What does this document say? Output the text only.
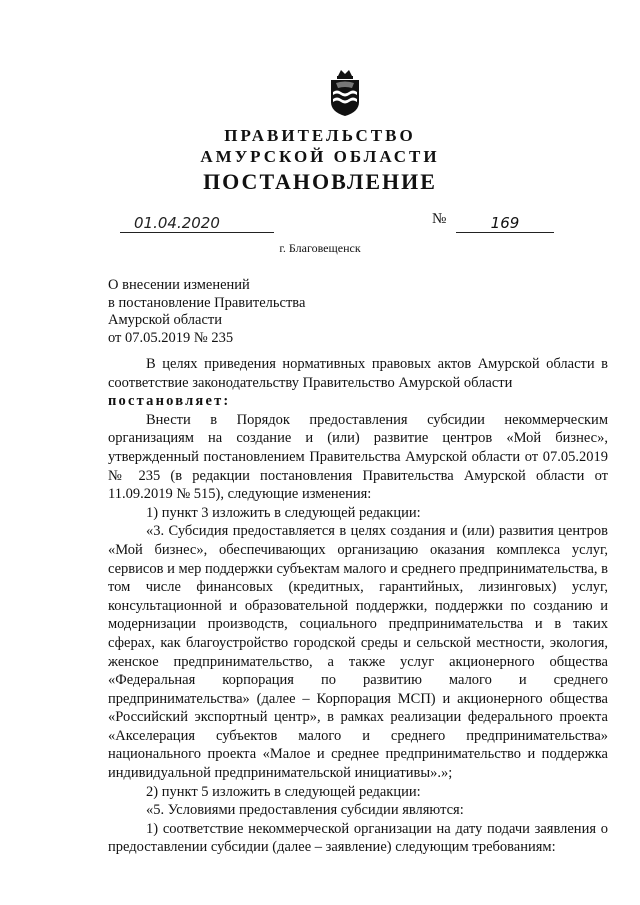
ПРАВИТЕЛЬСТВО
АМУРСКОЙ ОБЛАСТИ
ПОСТАНОВЛЕНИЕ
01.04.2020	№	169
г. Благовещенск
О внесении изменений
в постановление Правительства
Амурской области
от 07.05.2019 № 235

В целях приведения нормативных правовых актов Амурской области в соответствие законодательству Правительство Амурской области

постановляет:

Внести в Порядок предоставления субсидии некоммерческим организациям на создание и (или) развитие центров «Мой бизнес», утвержденный постановлением Правительства Амурской области от 07.05.2019 № 235 (в редакции постановления Правительства Амурской области от 11.09.2019 № 515), следующие изменения:

1) пункт 3 изложить в следующей редакции:

«3. Субсидия предоставляется в целях создания и (или) развития центров «Мой бизнес», обеспечивающих организацию оказания комплекса услуг, сервисов и мер поддержки субъектам малого и среднего предпринимательства, в том числе финансовых (кредитных, гарантийных, лизинговых) услуг, консультационной и образовательной поддержки, поддержки по созданию и модернизации производств, социального предпринимательства и в таких сферах, как благоустройство городской среды и сельской местности, экология, женское предпринимательство, а также услуг акционерного общества «Федеральная корпорация по развитию малого и среднего предпринимательства» (далее – Корпорация МСП) и акционерного общества «Российский экспортный центр», в рамках реализации федерального проекта «Акселерация субъектов малого и среднего предпринимательства» национального проекта «Малое и среднее предпринимательство и поддержка индивидуальной предпринимательской инициативы».»;

2) пункт 5 изложить в следующей редакции:

«5. Условиями предоставления субсидии являются:

1) соответствие некоммерческой организации на дату подачи заявления о предоставлении субсидии (далее – заявление) следующим требованиям:
